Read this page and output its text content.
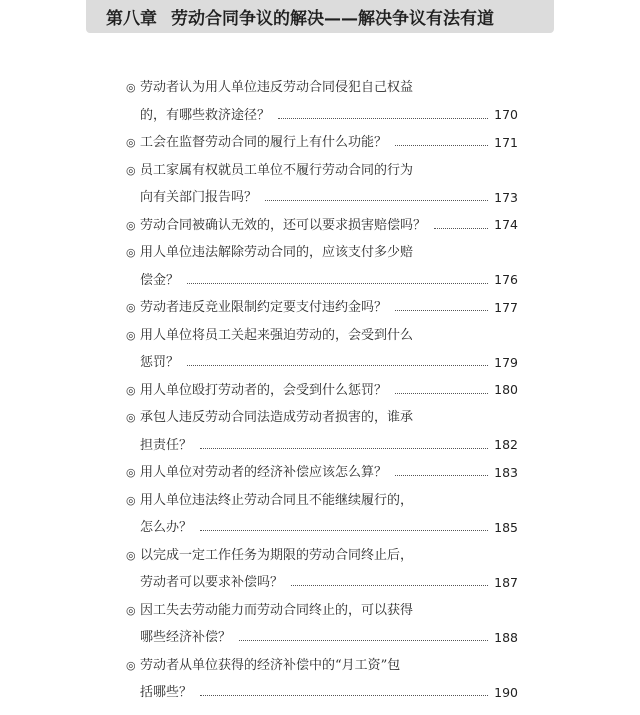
第八章 劳动合同争议的解决——解决争议有法有道
◎ 劳动者认为用人单位违反劳动合同侵犯自己权益
的，有哪些救济途径？	170
◎ 工会在监督劳动合同的履行上有什么功能？	171
◎ 员工家属有权就员工单位不履行劳动合同的行为
向有关部门报告吗？	173
◎ 劳动合同被确认无效的，还可以要求损害赔偿吗？	174
◎ 用人单位违法解除劳动合同的，应该支付多少赔
偿金？	176
◎ 劳动者违反竞业限制约定要支付违约金吗？	177
◎ 用人单位将员工关起来强迫劳动的，会受到什么
惩罚？	179
◎ 用人单位殴打劳动者的，会受到什么惩罚？	180
◎ 承包人违反劳动合同法造成劳动者损害的，谁承
担责任？	182
◎ 用人单位对劳动者的经济补偿应该怎么算？	183
◎ 用人单位违法终止劳动合同且不能继续履行的，
怎么办？	185
◎ 以完成一定工作任务为期限的劳动合同终止后，
劳动者可以要求补偿吗？	187
◎ 因工失去劳动能力而劳动合同终止的，可以获得
哪些经济补偿？	188
◎ 劳动者从单位获得的经济补偿中的“月工资”包
括哪些？	190
